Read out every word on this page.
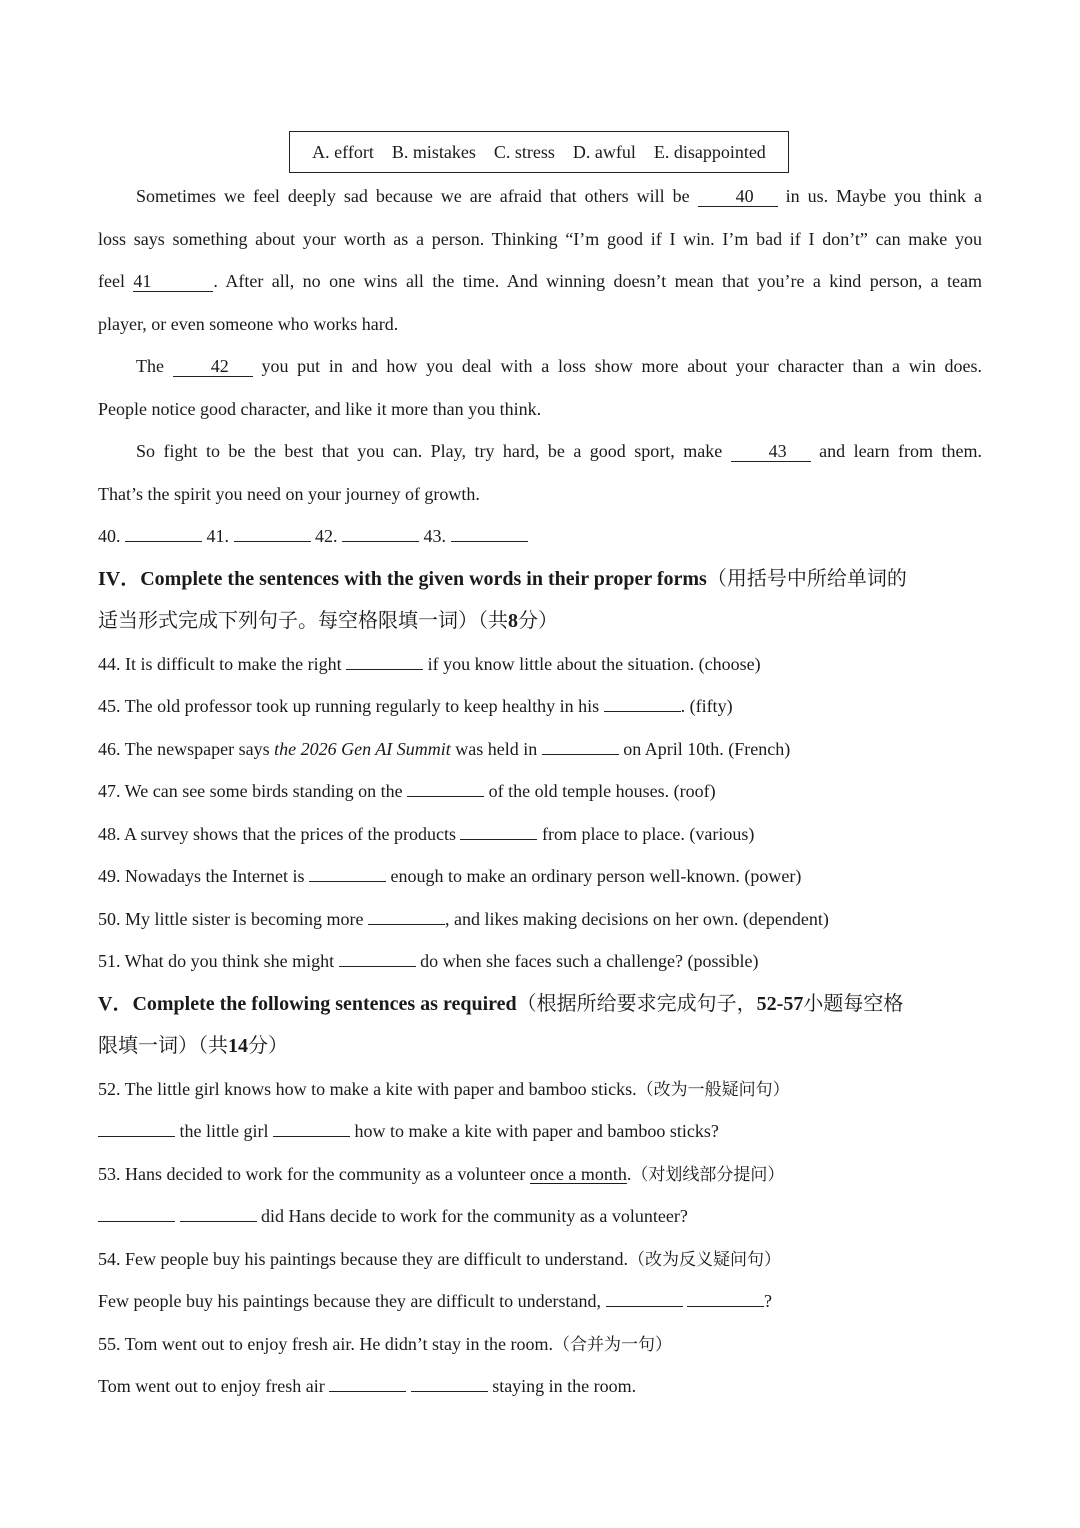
A. effort B. mistakes C. stress D. awful E. disappointed
Sometimes we feel deeply sad because we are afraid that others will be	40 in us. Maybe you think a
loss says something about your worth as a person. Thinking “I’m good if I win. I’m bad if I don’t” can make you
feel 41	. After all, no one wins all the time. And winning doesn’t mean that you’re a kind person, a team
player, or even someone who works hard.
The	42 you put in and how you deal with a loss show more about your character than a win does.
People notice good character, and like it more than you think.
So fight to be the best that you can. Play, try hard, be a good sport, make	43 and learn from them.
That’s the spirit you need on your journey of growth.
40.	41.	42.	43.
IV．Complete the sentences with the given words in their proper forms（用括号中所给单词的
适当形式完成下列句子。每空格限填一词）（共8分）
44. It is difficult to make the right	if you know little about the situation. (choose)
45. The old professor took up running regularly to keep healthy in his	. (fifty)
46. The newspaper says the 2026 Gen AI Summit was held in	on April 10th. (French)
47. We can see some birds standing on the	of the old temple houses. (roof)
48. A survey shows that the prices of the products	from place to place. (various)
49. Nowadays the Internet is	enough to make an ordinary person well-known. (power)
50. My little sister is becoming more	, and likes making decisions on her own. (dependent)
51. What do you think she might	do when she faces such a challenge? (possible)
V．Complete the following sentences as required（根据所给要求完成句子，52-57小题每空格
限填一词）（共14分）
52. The little girl knows how to make a kite with paper and bamboo sticks.（改为一般疑问句）
the little girl	how to make a kite with paper and bamboo sticks?
53. Hans decided to work for the community as a volunteer once a month.（对划线部分提问）
did Hans decide to work for the community as a volunteer?
54. Few people buy his paintings because they are difficult to understand.（改为反义疑问句）
Few people buy his paintings because they are difficult to understand,	?
55. Tom went out to enjoy fresh air. He didn’t stay in the room.（合并为一句）
Tom went out to enjoy fresh air	staying in the room.
